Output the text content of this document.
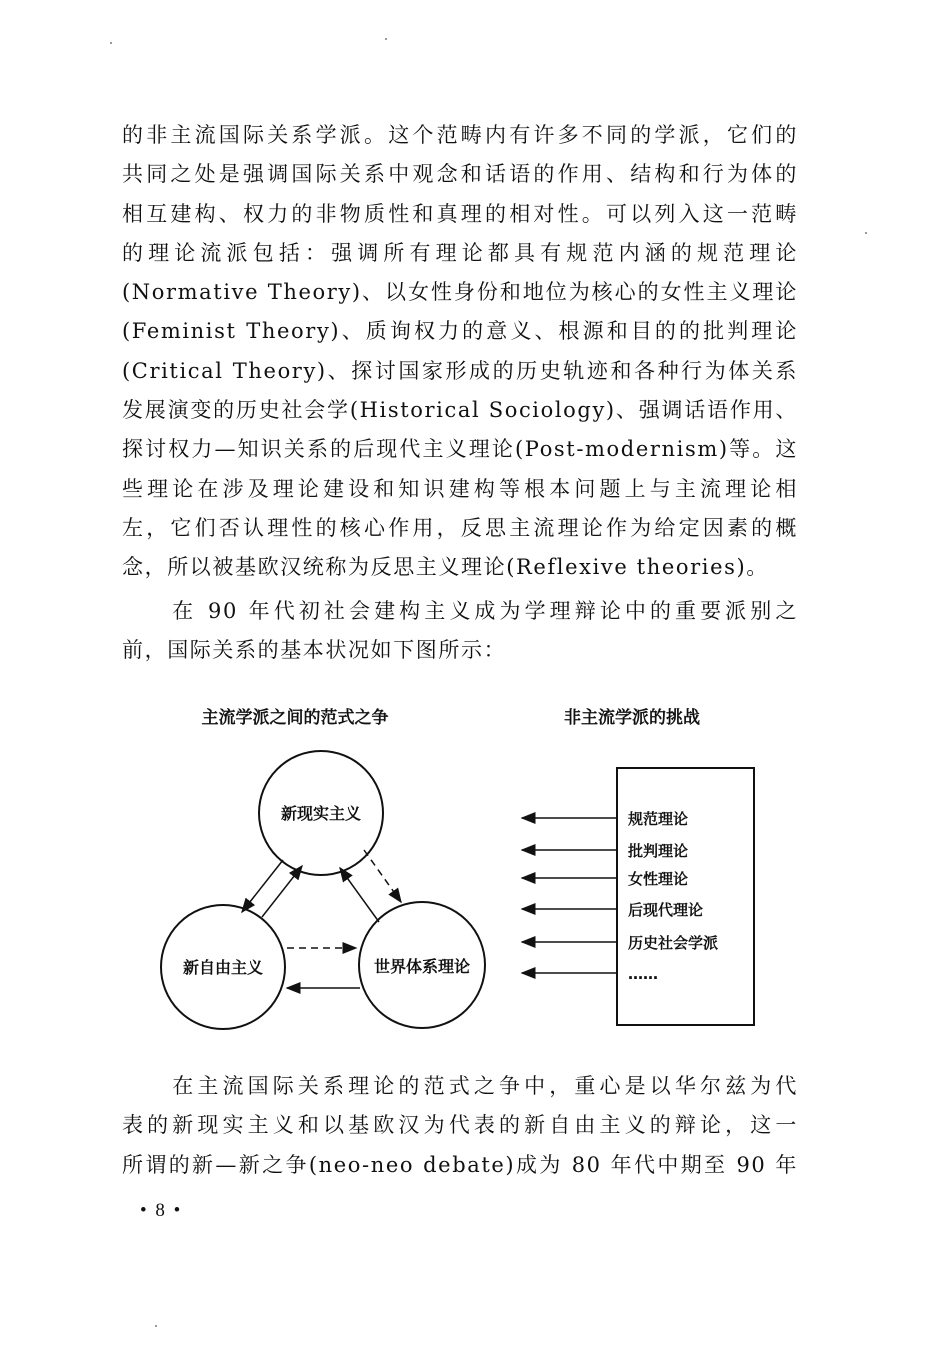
的非主流国际关系学派。这个范畴内有许多不同的学派，它们的
共同之处是强调国际关系中观念和话语的作用、结构和行为体的
相互建构、权力的非物质性和真理的相对性。可以列入这一范畴
的理论流派包括：强调所有理论都具有规范内涵的规范理论
(Normative Theory)、以女性身份和地位为核心的女性主义理论
(Feminist Theory)、质询权力的意义、根源和目的的批判理论
(Critical Theory)、探讨国家形成的历史轨迹和各种行为体关系
发展演变的历史社会学(Historical Sociology)、强调话语作用、
探讨权力—知识关系的后现代主义理论(Post-modernism)等。这
些理论在涉及理论建设和知识建构等根本问题上与主流理论相
左，它们否认理性的核心作用，反思主流理论作为给定因素的概
念，所以被基欧汉统称为反思主义理论(Reflexive theories)。
　　在 90 年代初社会建构主义成为学理辩论中的重要派别之
前，国际关系的基本状况如下图所示：
主流学派之间的范式之争	非主流学派的挑战
新现实主义
新自由主义	世界体系理论
规范理论
批判理论
女性理论
后现代理论
历史社会学派
……
　　在主流国际关系理论的范式之争中，重心是以华尔兹为代
表的新现实主义和以基欧汉为代表的新自由主义的辩论，这一
所谓的新—新之争(neo-neo debate)成为 80 年代中期至 90 年
• 8 •
